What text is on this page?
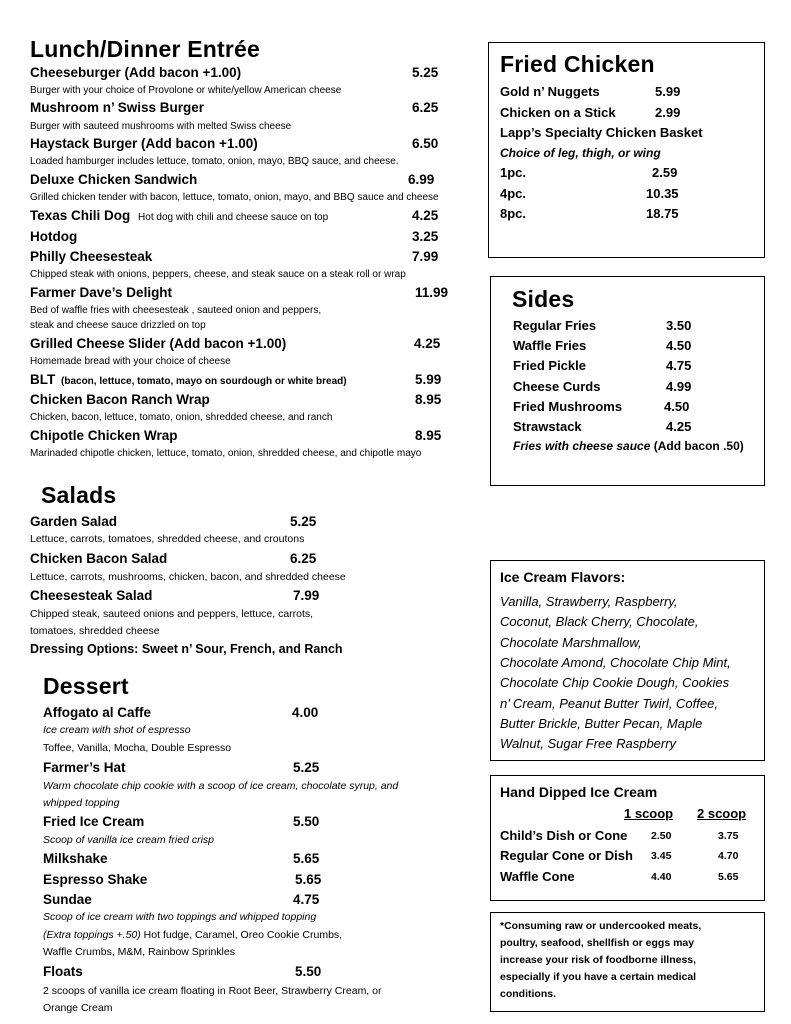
Lunch/Dinner Entrée
Cheeseburger (Add bacon +1.00)	5.25
Burger with your choice of Provolone or white/yellow American cheese
Mushroom n’ Swiss Burger	6.25
Burger with sauteed mushrooms with melted Swiss cheese
Haystack Burger (Add bacon +1.00)	6.50
Loaded hamburger includes lettuce, tomato, onion, mayo, BBQ sauce, and cheese.
Deluxe Chicken Sandwich	6.99
Grilled chicken tender with bacon, lettuce, tomato, onion, mayo, and BBQ sauce and cheese
Texas Chili Dog Hot dog with chili and cheese sauce on top	4.25
Hotdog	3.25
Philly Cheesesteak	7.99
Chipped steak with onions, peppers, cheese, and steak sauce on a steak roll or wrap
Farmer Dave’s Delight	11.99
Bed of waffle fries with cheesesteak , sauteed onion and peppers,
steak and cheese sauce drizzled on top
Grilled Cheese Slider (Add bacon +1.00)	4.25
Homemade bread with your choice of cheese
BLT (bacon, lettuce, tomato, mayo on sourdough or white bread)	5.99
Chicken Bacon Ranch Wrap	8.95
Chicken, bacon, lettuce, tomato, onion, shredded cheese, and ranch
Chipotle Chicken Wrap	8.95
Marinaded chipotle chicken, lettuce, tomato, onion, shredded cheese, and chipotle mayo
Salads
Garden Salad	5.25
Lettuce, carrots, tomatoes, shredded cheese, and croutons
Chicken Bacon Salad	6.25
Lettuce, carrots, mushrooms, chicken, bacon, and shredded cheese
Cheesesteak Salad	7.99
Chipped steak, sauteed onions and peppers, lettuce, carrots,
tomatoes, shredded cheese
Dressing Options: Sweet n’ Sour, French, and Ranch
Dessert
Affogato al Caffe	4.00
Ice cream with shot of espresso
Toffee, Vanilla, Mocha, Double Espresso
Farmer’s Hat	5.25
Warm chocolate chip cookie with a scoop of ice cream, chocolate syrup, and
whipped topping
Fried Ice Cream	5.50
Scoop of vanilla ice cream fried crisp
Milkshake	5.65
Espresso Shake	5.65
Sundae	4.75
Scoop of ice cream with two toppings and whipped topping
(Extra toppings +.50) Hot fudge, Caramel, Oreo Cookie Crumbs,
Waffle Crumbs, M&M, Rainbow Sprinkles
Floats	5.50
2 scoops of vanilla ice cream floating in Root Beer, Strawberry Cream, or
Orange Cream
Fried Chicken
Gold n’ Nuggets	5.99
Chicken on a Stick	2.99
Lapp’s Specialty Chicken Basket
Choice of leg, thigh, or wing
1pc.	2.59
4pc.	10.35
8pc.	18.75
Sides
Regular Fries	3.50
Waffle Fries	4.50
Fried Pickle	4.75
Cheese Curds	4.99
Fried Mushrooms	4.50
Strawstack	4.25
Fries with cheese sauce (Add bacon .50)
Ice Cream Flavors:
Vanilla, Strawberry, Raspberry,
Coconut, Black Cherry, Chocolate,
Chocolate Marshmallow,
Chocolate Amond, Chocolate Chip Mint,
Chocolate Chip Cookie Dough, Cookies
n’ Cream, Peanut Butter Twirl, Coffee,
Butter Brickle, Butter Pecan, Maple
Walnut, Sugar Free Raspberry
Hand Dipped Ice Cream
1 scoop 2 scoop
Child’s Dish or Cone 2.50	3.75
Regular Cone or Dish 3.45	4.70
Waffle Cone	4.40	5.65
*Consuming raw or undercooked meats,
poultry, seafood, shellfish or eggs may
increase your risk of foodborne illness,
especially if you have a certain medical
conditions.
